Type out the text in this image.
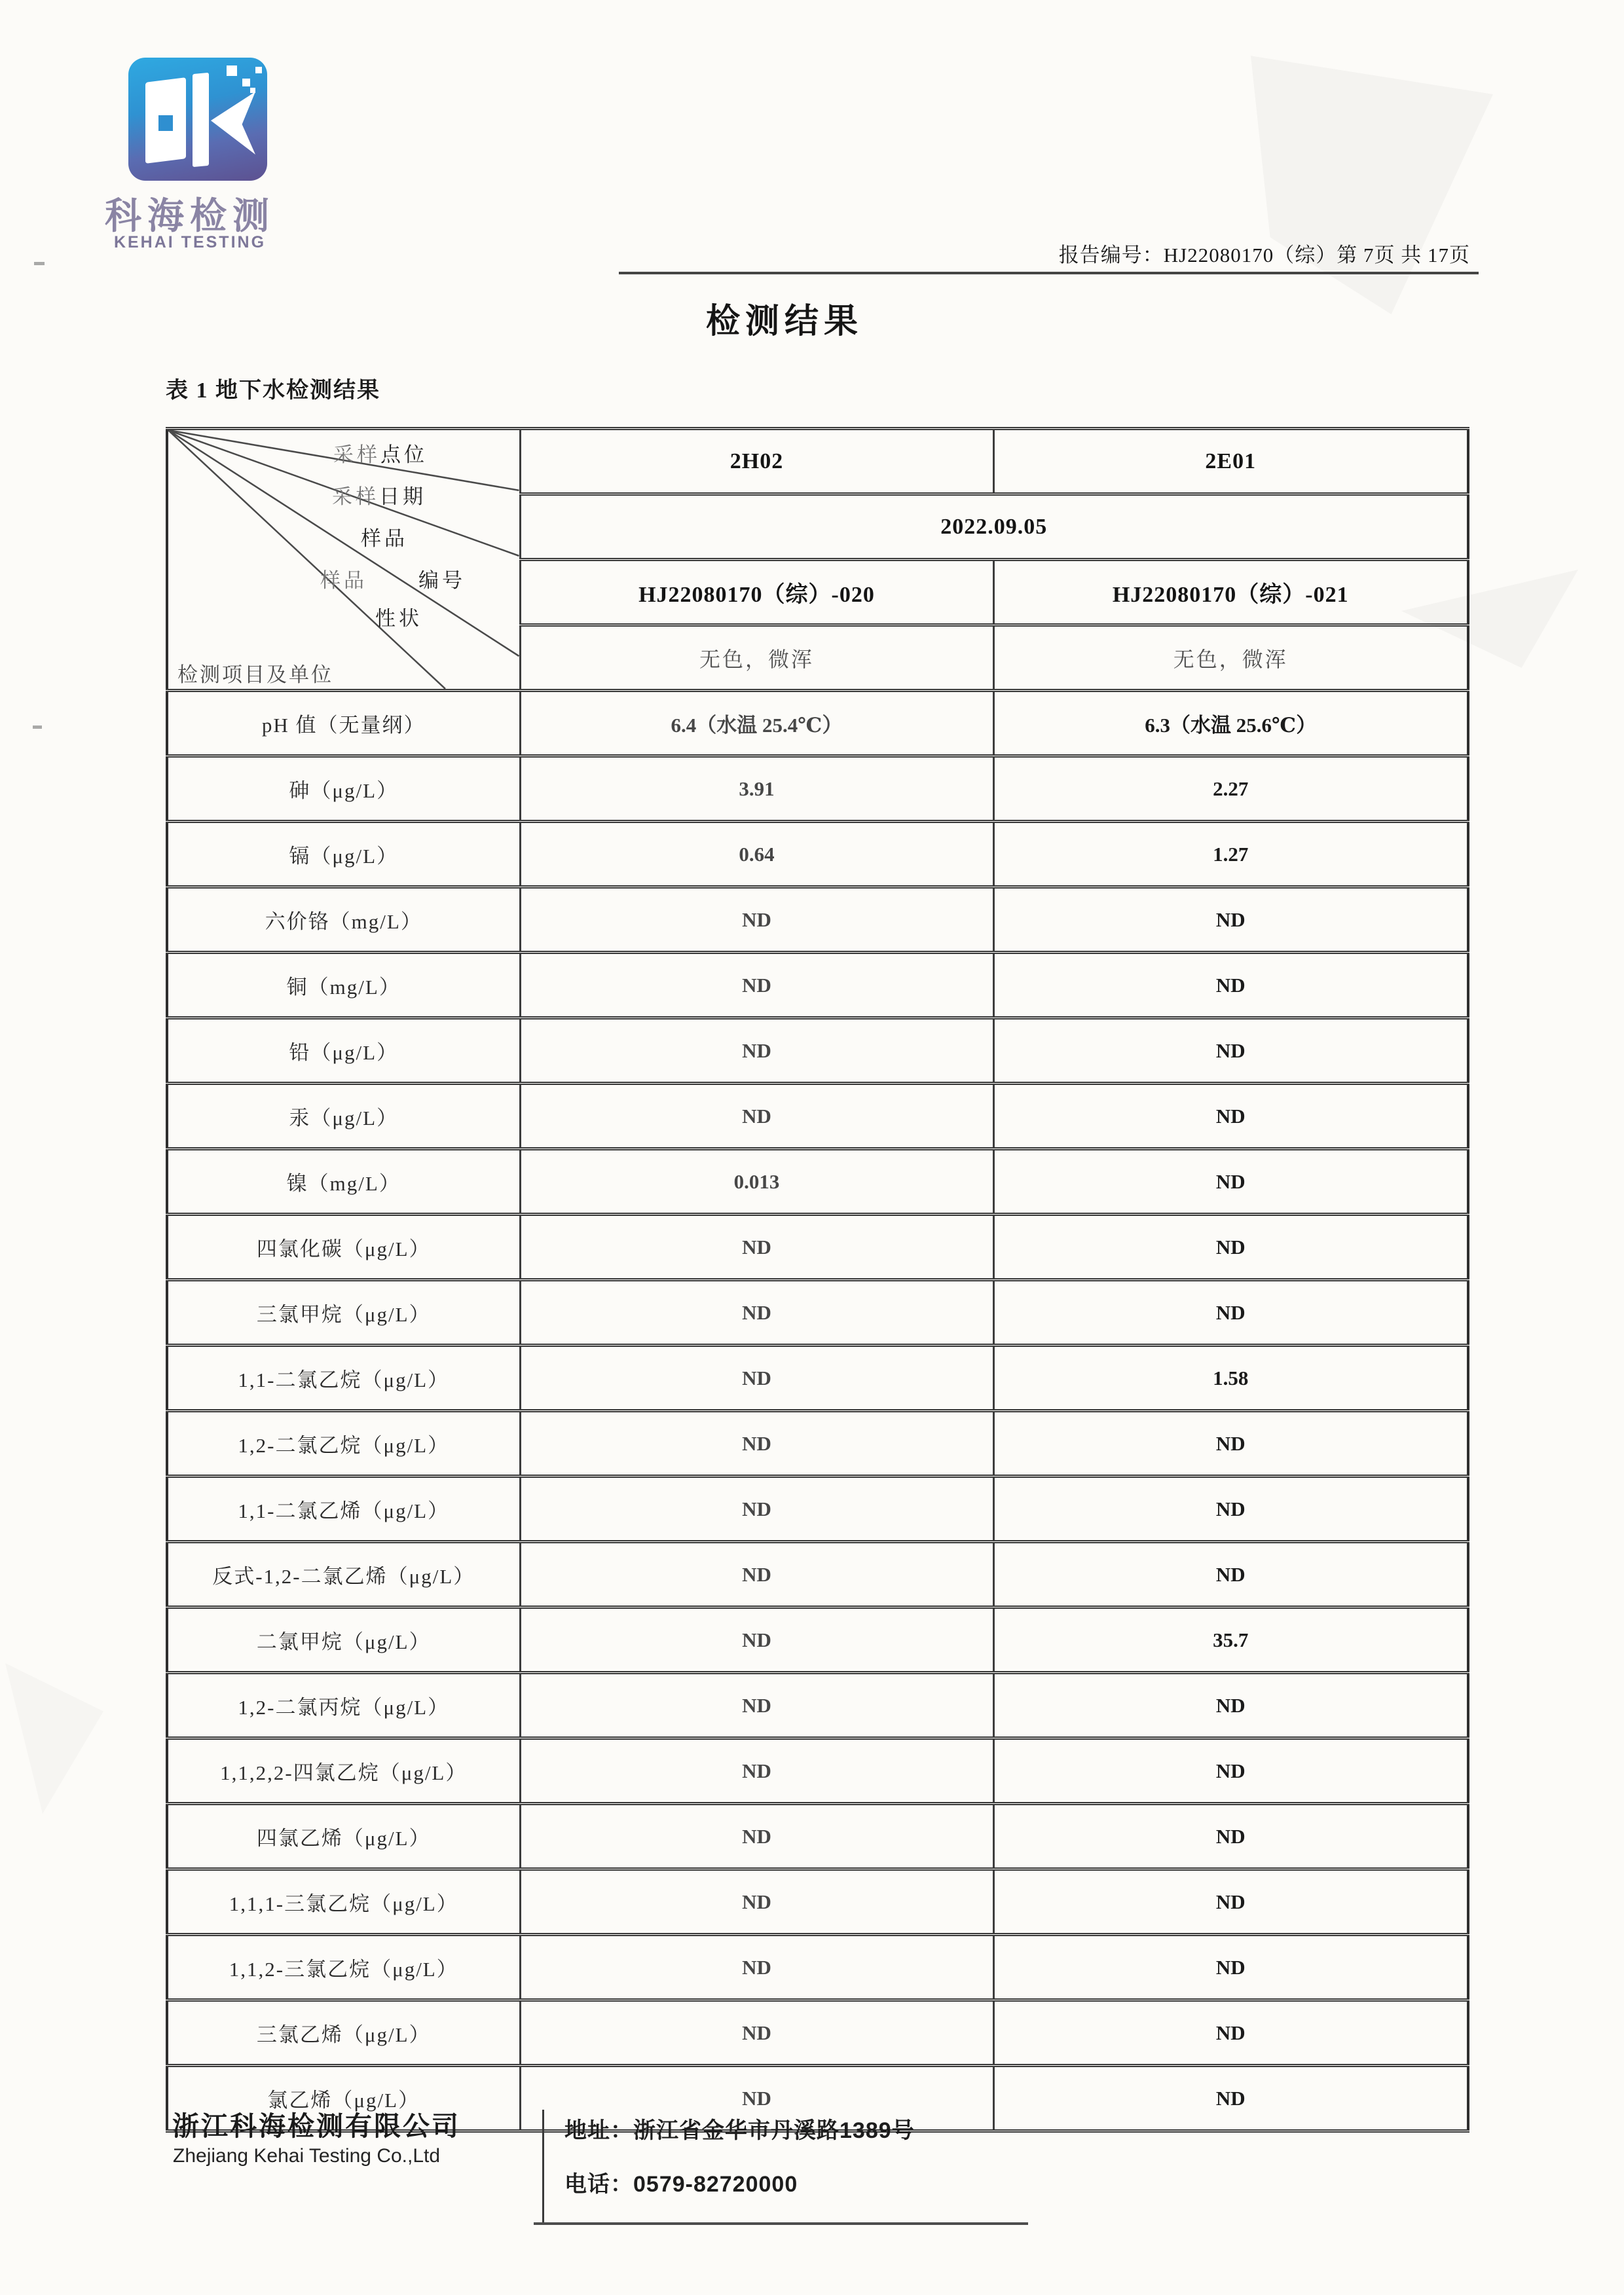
科海检测
KEHAI TESTING
报告编号：HJ22080170（综）第 7页 共 17页
检测结果
表 1 地下水检测结果
采样点位
采样日期
样品
样品	编号
性状
检测项目及单位
	2H02	2E01
	2022.09.05	
	HJ22080170（综）-020	HJ22080170（综）-021
	无色，微浑	无色，微浑
pH 值（无量纲）	6.4（水温 25.4℃）	6.3（水温 25.6℃）
砷（μg/L）	3.91	2.27
镉（μg/L）	0.64	1.27
六价铬（mg/L）	ND	ND
铜（mg/L）	ND	ND
铅（μg/L）	ND	ND
汞（μg/L）	ND	ND
镍（mg/L）	0.013	ND
四氯化碳（μg/L）	ND	ND
三氯甲烷（μg/L）	ND	ND
1,1-二氯乙烷（μg/L）	ND	1.58
1,2-二氯乙烷（μg/L）	ND	ND
1,1-二氯乙烯（μg/L）	ND	ND
反式-1,2-二氯乙烯（μg/L）	ND	ND
二氯甲烷（μg/L）	ND	35.7
1,2-二氯丙烷（μg/L）	ND	ND
1,1,2,2-四氯乙烷（μg/L）	ND	ND
四氯乙烯（μg/L）	ND	ND
1,1,1-三氯乙烷（μg/L）	ND	ND
1,1,2-三氯乙烷（μg/L）	ND	ND
三氯乙烯（μg/L）	ND	ND
氯乙烯（μg/L）	ND	ND
浙江科海检测有限公司
Zhejiang Kehai Testing Co.,Ltd
地址：浙江省金华市丹溪路1389号
电话：0579-82720000
